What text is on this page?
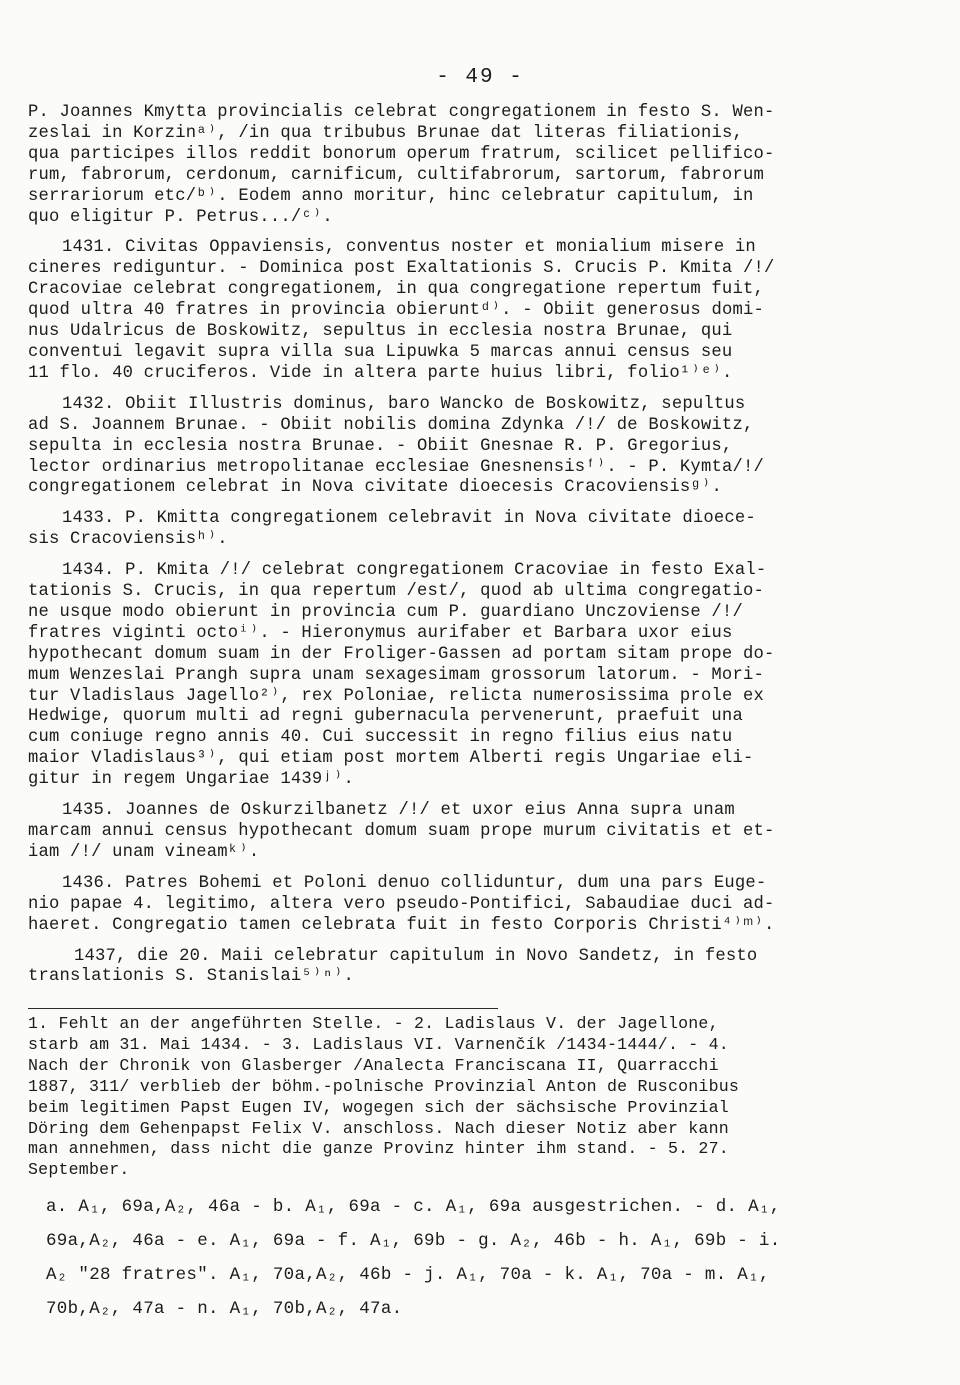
- 49 -
P. Joannes Kmytta provincialis celebrat congregationem in festo S. Wen-
zeslai in Korzinᵃ⁾, /in qua tribubus Brunae dat literas filiationis,
qua participes illos reddit bonorum operum fratrum, scilicet pellifico-
rum, fabrorum, cerdonum, carnificum, cultifabrorum, sartorum, fabrorum
serrariorum etc/ᵇ⁾. Eodem anno moritur, hinc celebratur capitulum, in
quo eligitur P. Petrus.../ᶜ⁾.
1431. Civitas Oppaviensis, conventus noster et monialium misere in
cineres rediguntur. - Dominica post Exaltationis S. Crucis P. Kmita /!/
Cracoviae celebrat congregationem, in qua congregatione repertum fuit,
quod ultra 40 fratres in provincia obieruntᵈ⁾. - Obiit generosus domi-
nus Udalricus de Boskowitz, sepultus in ecclesia nostra Brunae, qui
conventui legavit supra villa sua Lipuwka 5 marcas annui census seu
11 flo. 40 cruciferos. Vide in altera parte huius libri, folio¹⁾ᵉ⁾.
1432. Obiit Illustris dominus, baro Wancko de Boskowitz, sepultus
ad S. Joannem Brunae. - Obiit nobilis domina Zdynka /!/ de Boskowitz,
sepulta in ecclesia nostra Brunae. - Obiit Gnesnae R. P. Gregorius,
lector ordinarius metropolitanae ecclesiae Gnesnensisᶠ⁾. - P. Kymta/!/
congregationem celebrat in Nova civitate dioecesis Cracoviensisᵍ⁾.
1433. P. Kmitta congregationem celebravit in Nova civitate dioece-
sis Cracoviensisʰ⁾.
1434. P. Kmita /!/ celebrat congregationem Cracoviae in festo Exal-
tationis S. Crucis, in qua repertum /est/, quod ab ultima congregatio-
ne usque modo obierunt in provincia cum P. guardiano Unczoviense /!/
fratres viginti octoⁱ⁾. - Hieronymus aurifaber et Barbara uxor eius
hypothecant domum suam in der Froliger-Gassen ad portam sitam prope do-
mum Wenzeslai Prangh supra unam sexagesimam grossorum latorum. - Mori-
tur Vladislaus Jagello²⁾, rex Poloniae, relicta numerosissima prole ex
Hedwige, quorum multi ad regni gubernacula pervenerunt, praefuit una
cum coniuge regno annis 40. Cui successit in regno filius eius natu
maior Vladislaus³⁾, qui etiam post mortem Alberti regis Ungariae eli-
gitur in regem Ungariae 1439ʲ⁾.
1435. Joannes de Oskurzilbanetz /!/ et uxor eius Anna supra unam
marcam annui census hypothecant domum suam prope murum civitatis et et-
iam /!/ unam vineamᵏ⁾.
1436. Patres Bohemi et Poloni denuo colliduntur, dum una pars Euge-
nio papae 4. legitimo, altera vero pseudo-Pontifici, Sabaudiae duci ad-
haeret. Congregatio tamen celebrata fuit in festo Corporis Christi⁴⁾ᵐ⁾.
1437, die 20. Maii celebratur capitulum in Novo Sandetz, in festo
translationis S. Stanislai⁵⁾ⁿ⁾.
1. Fehlt an der angeführten Stelle. - 2. Ladislaus V. der Jagellone,
starb am 31. Mai 1434. - 3. Ladislaus VI. Varnenčík /1434-1444/. - 4.
Nach der Chronik von Glasberger /Analecta Franciscana II, Quarracchi
1887, 311/ verblieb der böhm.-polnische Provinzial Anton de Rusconibus
beim legitimen Papst Eugen IV, wogegen sich der sächsische Provinzial
Döring dem Gehenpapst Felix V. anschloss. Nach dieser Notiz aber kann
man annehmen, dass nicht die ganze Provinz hinter ihm stand. - 5. 27.
September.
a. A₁, 69a,A₂, 46a - b. A₁, 69a - c. A₁, 69a ausgestrichen. - d. A₁,
69a,A₂, 46a - e. A₁, 69a - f. A₁, 69b - g. A₂, 46b - h. A₁, 69b - i.
A₂ "28 fratres". A₁, 70a,A₂, 46b - j. A₁, 70a - k. A₁, 70a - m. A₁,
70b,A₂, 47a - n. A₁, 70b,A₂, 47a.
